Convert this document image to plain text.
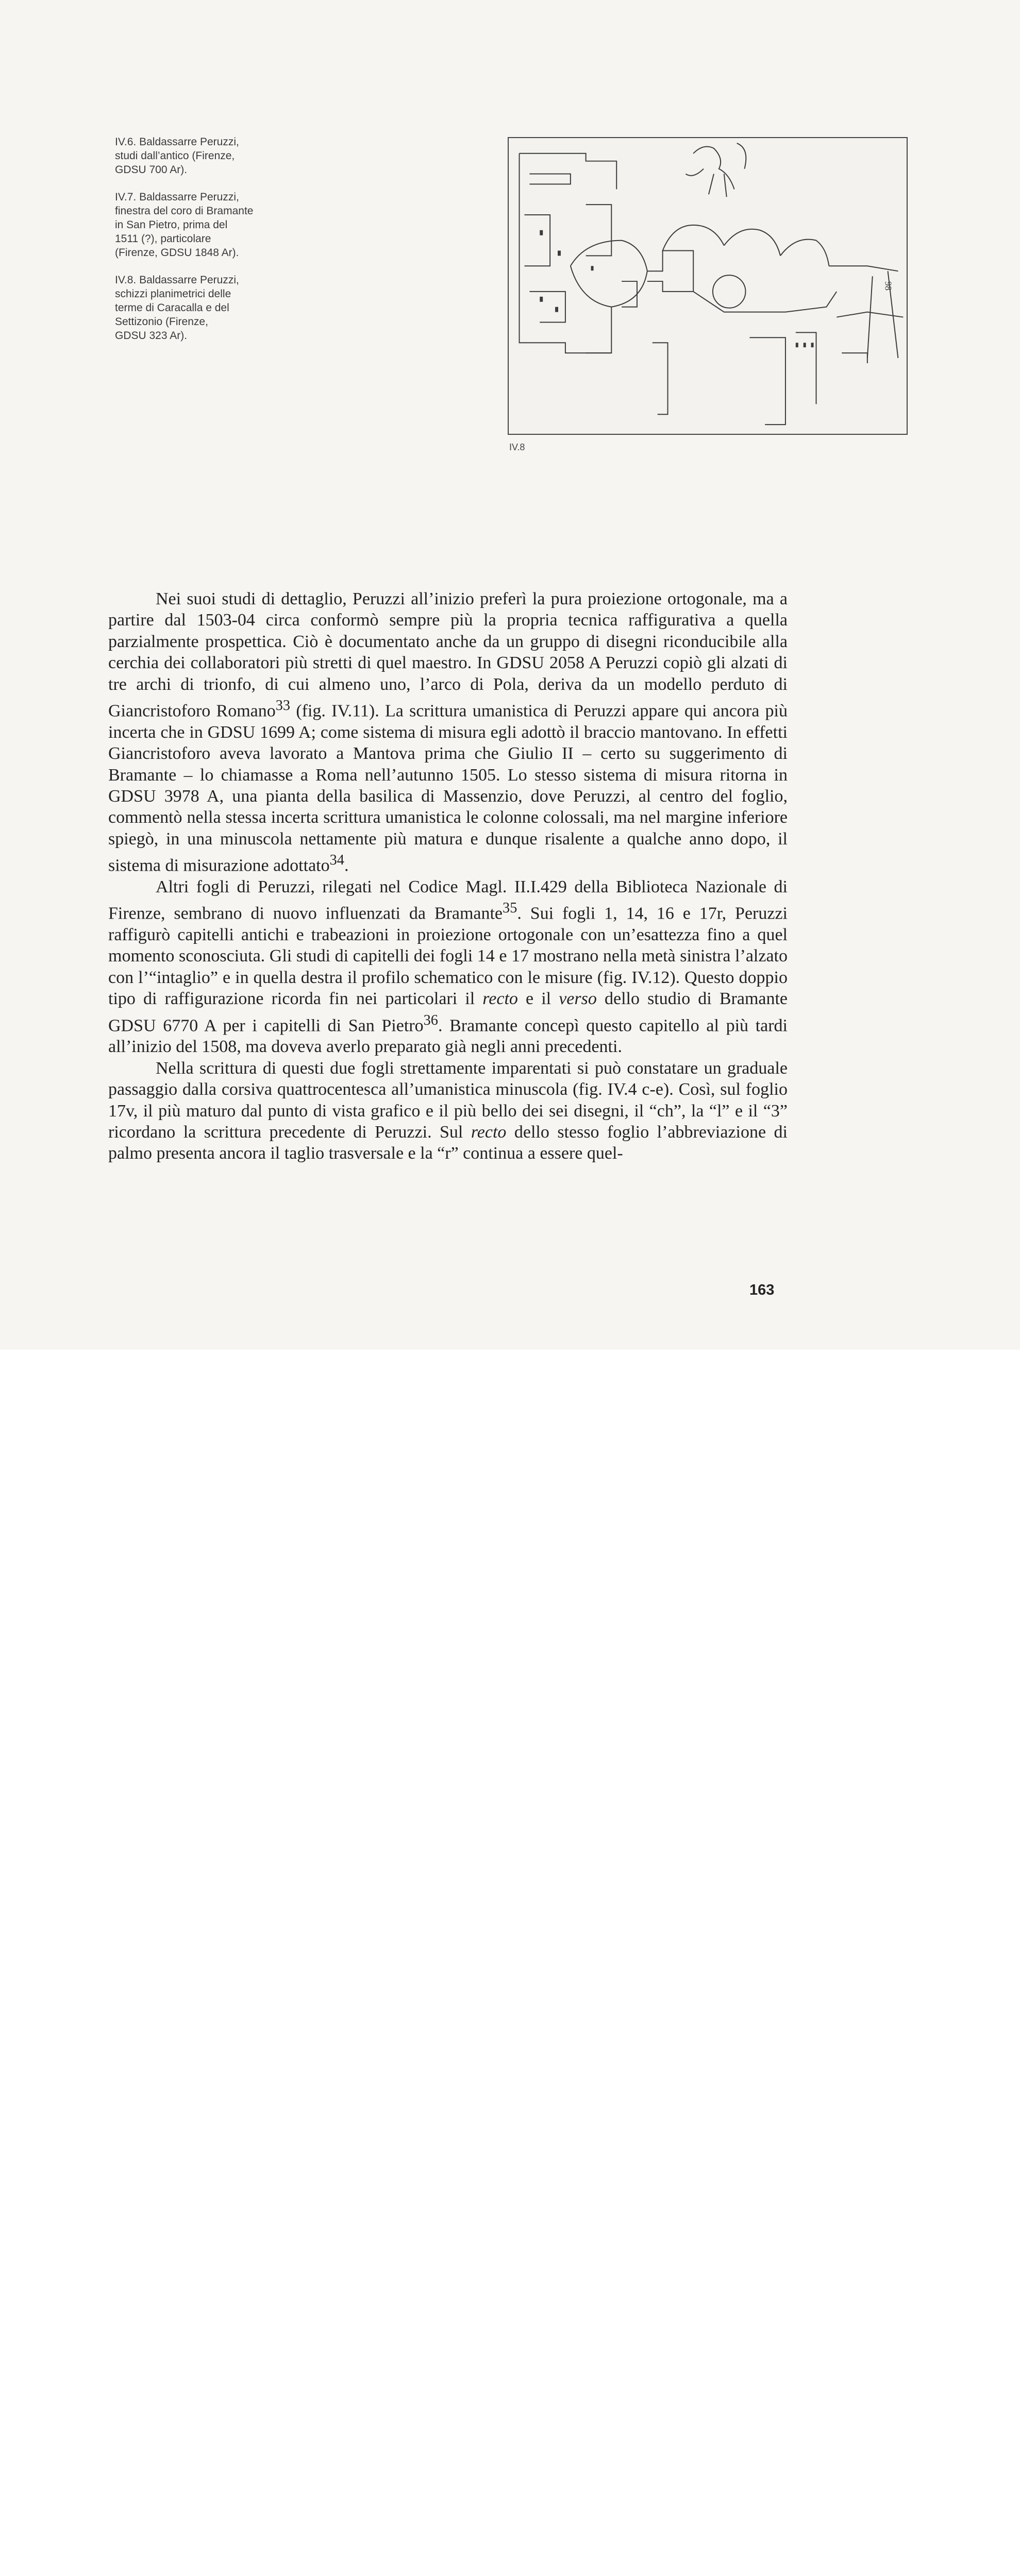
IV.6. Baldassarre Peruzzi,
studi dall’antico (Firenze,
GDSU 700 Ar).

IV.7. Baldassarre Peruzzi,
finestra del coro di Bramante
in San Pietro, prima del
1511 (?), particolare
(Firenze, GDSU 1848 Ar).

IV.8. Baldassarre Peruzzi,
schizzi planimetrici delle
terme di Caracalla e del
Settizonio (Firenze,
GDSU 323 Ar).

98
IV.8

Nei suoi studi di dettaglio, Peruzzi all’inizio preferì la pura proiezione ortogonale, ma a partire dal 1503-04 circa conformò sempre più la propria tecnica raffigurativa a quella parzialmente prospettica. Ciò è documentato anche da un gruppo di disegni riconducibile alla cerchia dei collaboratori più stretti di quel maestro. In GDSU 2058 A Peruzzi copiò gli alzati di tre archi di trionfo, di cui almeno uno, l’arco di Pola, deriva da un modello perduto di Giancristoforo Romano$^{33}$ (fig. IV.11). La scrittura umanistica di Peruzzi appare qui ancora più incerta che in GDSU 1699 A; come sistema di misura egli adottò il braccio mantovano. In effetti Giancristoforo aveva lavorato a Mantova prima che Giulio II – certo su suggerimento di Bramante – lo chiamasse a Roma nell’autunno 1505. Lo stesso sistema di misura ritorna in GDSU 3978 A, una pianta della basilica di Massenzio, dove Peruzzi, al centro del foglio, commentò nella stessa incerta scrittura umanistica le colonne colossali, ma nel margine inferiore spiegò, in una minuscola nettamente più matura e dunque risalente a qualche anno dopo, il sistema di misurazione adottato$^{34}$.

Altri fogli di Peruzzi, rilegati nel Codice Magl. II.I.429 della Biblioteca Nazionale di Firenze, sembrano di nuovo influenzati da Bramante$^{35}$. Sui fogli 1, 14, 16 e 17r, Peruzzi raffigurò capitelli antichi e trabeazioni in proiezione ortogonale con un’esattezza fino a quel momento sconosciuta. Gli studi di capitelli dei fogli 14 e 17 mostrano nella metà sinistra l’alzato con l’“intaglio” e in quella destra il profilo schematico con le misure (fig. IV.12). Questo doppio tipo di raffigurazione ricorda fin nei particolari il recto e il verso dello studio di Bramante GDSU 6770 A per i capitelli di San Pietro$^{36}$. Bramante concepì questo capitello al più tardi all’inizio del 1508, ma doveva averlo preparato già negli anni precedenti.

Nella scrittura di questi due fogli strettamente imparentati si può constatare un graduale passaggio dalla corsiva quattrocentesca all’umanistica minuscola (fig. IV.4 c-e). Così, sul foglio 17v, il più maturo dal punto di vista grafico e il più bello dei sei disegni, il “ch”, la “l” e il “3” ricordano la scrittura precedente di Peruzzi. Sul recto dello stesso foglio l’abbreviazione di palmo presenta ancora il taglio trasversale e la “r” continua a essere quel-

163
